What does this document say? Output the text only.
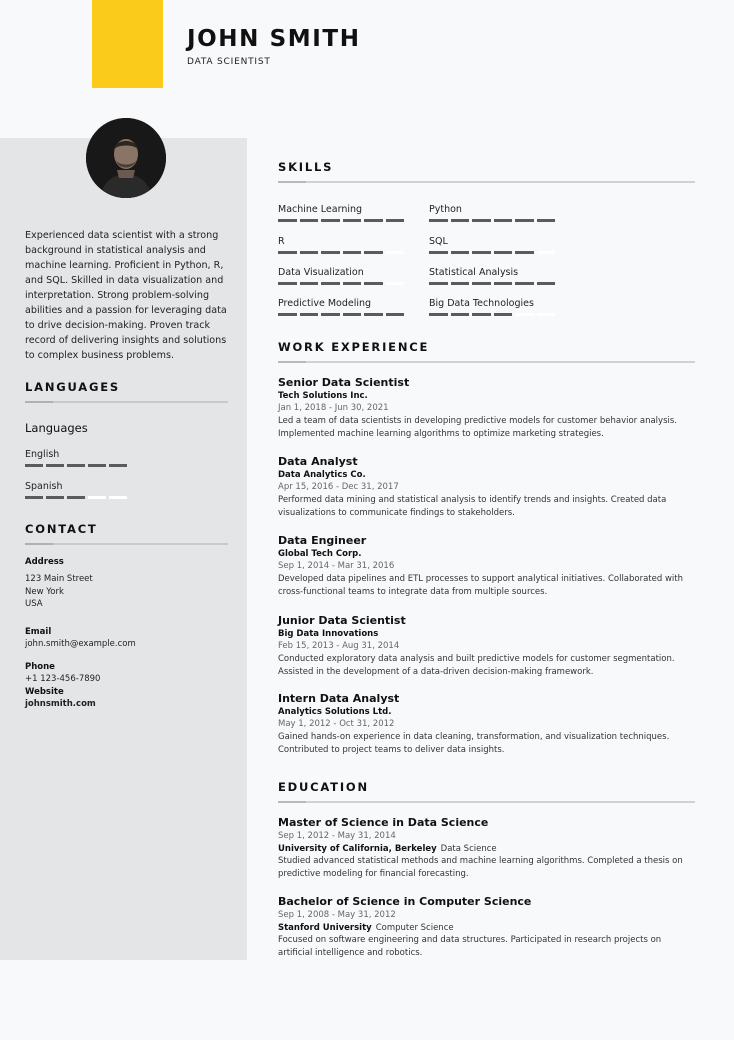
JOHN SMITH
DATA SCIENTIST

Experienced data scientist with a strong background in statistical analysis and machine learning. Proficient in Python, R, and SQL. Skilled in data visualization and interpretation. Strong problem-solving abilities and a passion for leveraging data to drive decision-making. Proven track record of delivering insights and solutions to complex business problems.

LANGUAGES
Languages
English
Spanish
CONTACT
Address
123 Main Street
New York
USA
Email
john.smith@example.com
Phone
+1 123-456-7890
Website
johnsmith.com
SKILLS
Machine Learning	Python
R	SQL
Data Visualization	Statistical Analysis
Predictive Modeling	Big Data Technologies
WORK EXPERIENCE
Senior Data Scientist
Tech Solutions Inc.
Jan 1, 2018 - Jun 30, 2021
Led a team of data scientists in developing predictive models for customer behavior analysis. Implemented machine learning algorithms to optimize marketing strategies.
Data Analyst
Data Analytics Co.
Apr 15, 2016 - Dec 31, 2017
Performed data mining and statistical analysis to identify trends and insights. Created data visualizations to communicate findings to stakeholders.
Data Engineer
Global Tech Corp.
Sep 1, 2014 - Mar 31, 2016
Developed data pipelines and ETL processes to support analytical initiatives. Collaborated with cross-functional teams to integrate data from multiple sources.
Junior Data Scientist
Big Data Innovations
Feb 15, 2013 - Aug 31, 2014
Conducted exploratory data analysis and built predictive models for customer segmentation. Assisted in the development of a data-driven decision-making framework.
Intern Data Analyst
Analytics Solutions Ltd.
May 1, 2012 - Oct 31, 2012
Gained hands-on experience in data cleaning, transformation, and visualization techniques. Contributed to project teams to deliver data insights.
EDUCATION
Master of Science in Data Science
Sep 1, 2012 - May 31, 2014
University of California, Berkeley Data Science
Studied advanced statistical methods and machine learning algorithms. Completed a thesis on predictive modeling for financial forecasting.
Bachelor of Science in Computer Science
Sep 1, 2008 - May 31, 2012
Stanford University Computer Science
Focused on software engineering and data structures. Participated in research projects on artificial intelligence and robotics.
